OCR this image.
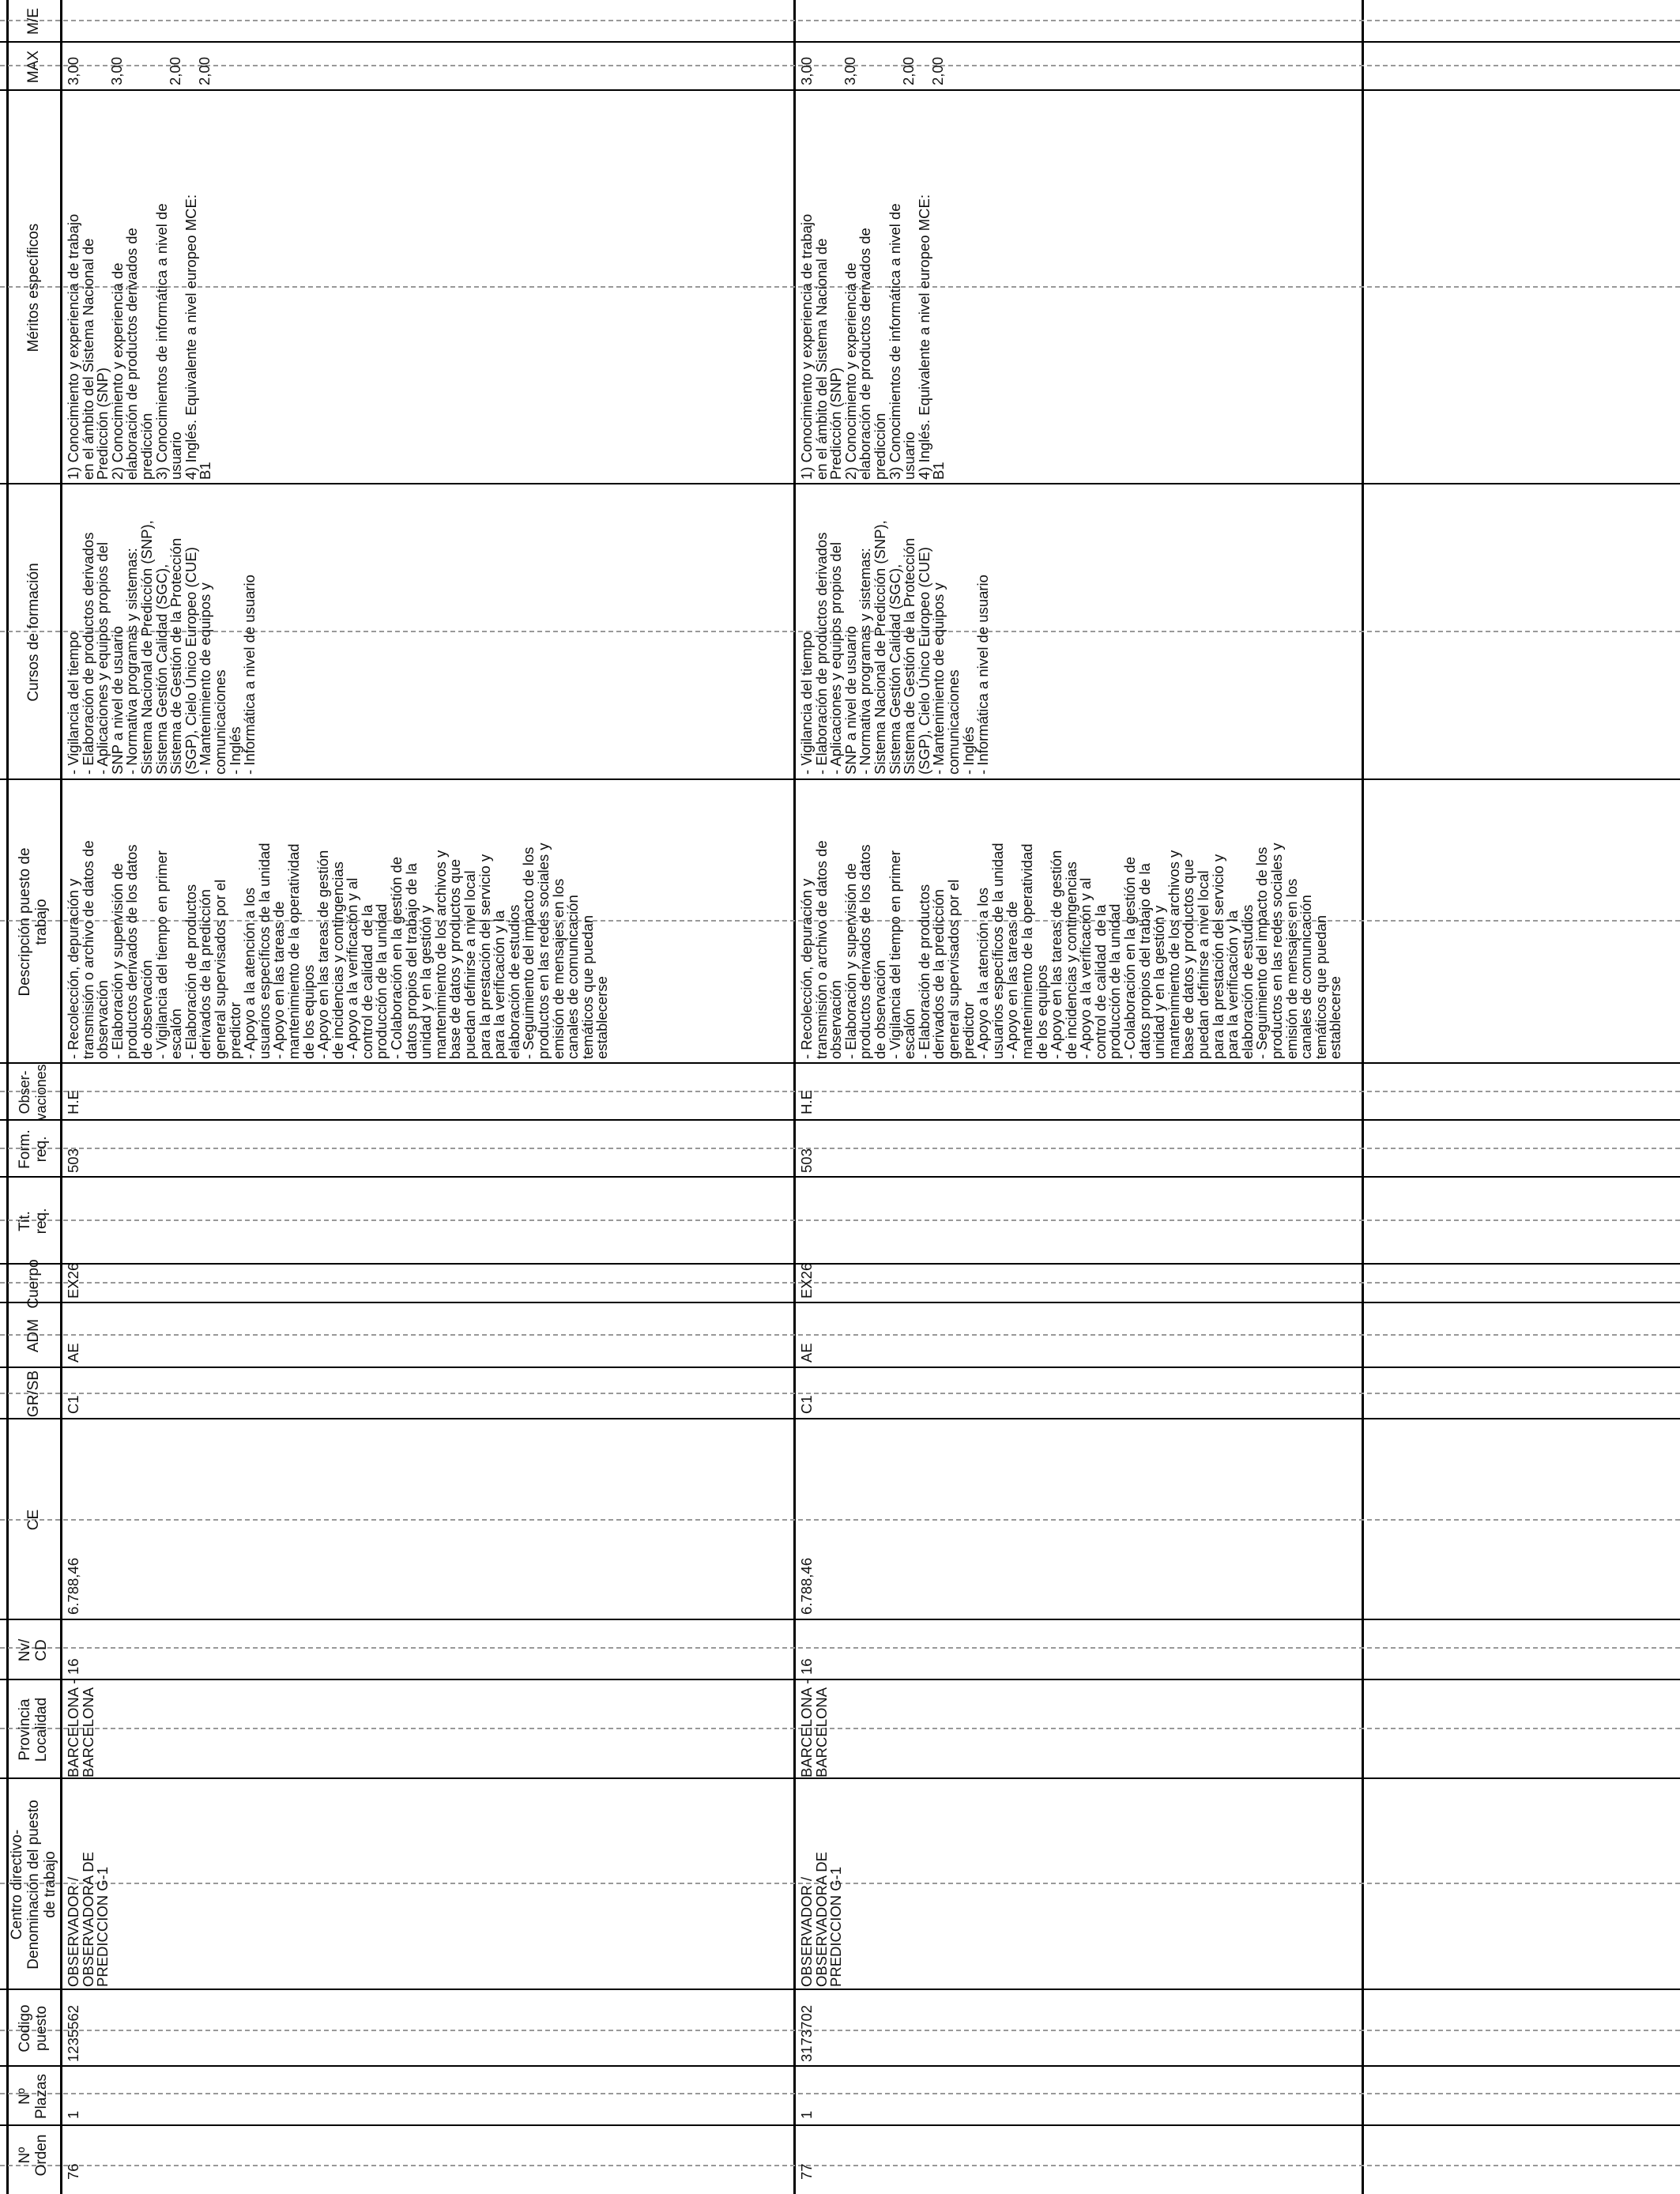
Nº
Orden
Nº
Plazas
Codigo
puesto
Centro directivo-
Denominación del puesto
de trabajo
Provincia
Localidad
Nv/
CD
CE
GR/SB
ADM
Cuerpo
Tit.
req.
Form.
req.
Obser-
vaciones
Descripción puesto de
trabajo
Cursos de formación
Méritos específicos
MAX
M/E
76
1
1235562
OBSERVADOR /
OBSERVADORA DE
PREDICCION G-1
BARCELONA -
BARCELONA
16
6.788,46
C1
AE
EX26
503
H.E
- Recolección, depuración y
transmisión o archivo de datos de
observación
- Elaboración y supervisión de
productos derivados de los datos
de observación
- Vigilancia del tiempo en primer
escalón
- Elaboración de productos
derivados de la predicción
general supervisados por el
predictor
- Apoyo a la atención a los
usuarios específicos de la unidad
- Apoyo en las tareas de
mantenimiento de la operatividad
de los equipos
- Apoyo en las tareas de gestión
de incidencias y contingencias
- Apoyo a la verificación y al
control de calidad  de la
producción de la unidad
- Colaboración en la gestión de
datos propios del trabajo de la
unidad y en la gestión y
mantenimiento de los archivos y
base de datos y productos que
puedan definirse a nivel local
para la prestación del servicio y
para la verificación y la
elaboración de estudios
- Seguimiento del impacto de los
productos en las redes sociales y
emisión de mensajes en los
canales de comunicación
temáticos que puedan
establecerse
- Vigilancia del tiempo
- Elaboración de productos derivados
- Aplicaciones y equipos propios del
SNP a nivel de usuario
- Normativa programas y sistemas:
Sistema Nacional de Predicción (SNP),
Sistema Gestión Calidad (SGC),
Sistema de Gestión de la Protección
(SGP), Cielo Único Europeo (CUE)
- Mantenimiento de equipos y
comunicaciones
- Inglés
- Informática a nivel de usuario
1) Conocimiento y experiencia de trabajo
en el ámbito del Sistema Nacional de
Predicción (SNP)
2) Conocimiento y experiencia de
elaboración de productos derivados de
predicción
3) Conocimientos de informática a nivel de
usuario
4) Inglés. Equivalente a nivel europeo MCE:
B1
3,00 3,00	2,00 2,00
77
1
3173702
OBSERVADOR /
OBSERVADORA DE
PREDICCION G-1
BARCELONA -
BARCELONA
16
6.788,46
C1
AE
EX26
503
H.E
- Recolección, depuración y
transmisión o archivo de datos de
observación
- Elaboración y supervisión de
productos derivados de los datos
de observación
- Vigilancia del tiempo en primer
escalón
- Elaboración de productos
derivados de la predicción
general supervisados por el
predictor
- Apoyo a la atención a los
usuarios específicos de la unidad
- Apoyo en las tareas de
mantenimiento de la operatividad
de los equipos
- Apoyo en las tareas de gestión
de incidencias y contingencias
- Apoyo a la verificación y al
control de calidad  de la
producción de la unidad
- Colaboración en la gestión de
datos propios del trabajo de la
unidad y en la gestión y
mantenimiento de los archivos y
base de datos y productos que
puedan definirse a nivel local
para la prestación del servicio y
para la verificación y la
elaboración de estudios
- Seguimiento del impacto de los
productos en las redes sociales y
emisión de mensajes en los
canales de comunicación
temáticos que puedan
establecerse
- Vigilancia del tiempo
- Elaboración de productos derivados
- Aplicaciones y equipos propios del
SNP a nivel de usuario
- Normativa programas y sistemas:
Sistema Nacional de Predicción (SNP),
Sistema Gestión Calidad (SGC),
Sistema de Gestión de la Protección
(SGP), Cielo Único Europeo (CUE)
- Mantenimiento de equipos y
comunicaciones
- Inglés
- Informática a nivel de usuario
1) Conocimiento y experiencia de trabajo
en el ámbito del Sistema Nacional de
Predicción (SNP)
2) Conocimiento y experiencia de
elaboración de productos derivados de
predicción
3) Conocimientos de informática a nivel de
usuario
4) Inglés. Equivalente a nivel europeo MCE:
B1
3,00 3,00	2,00 2,00
